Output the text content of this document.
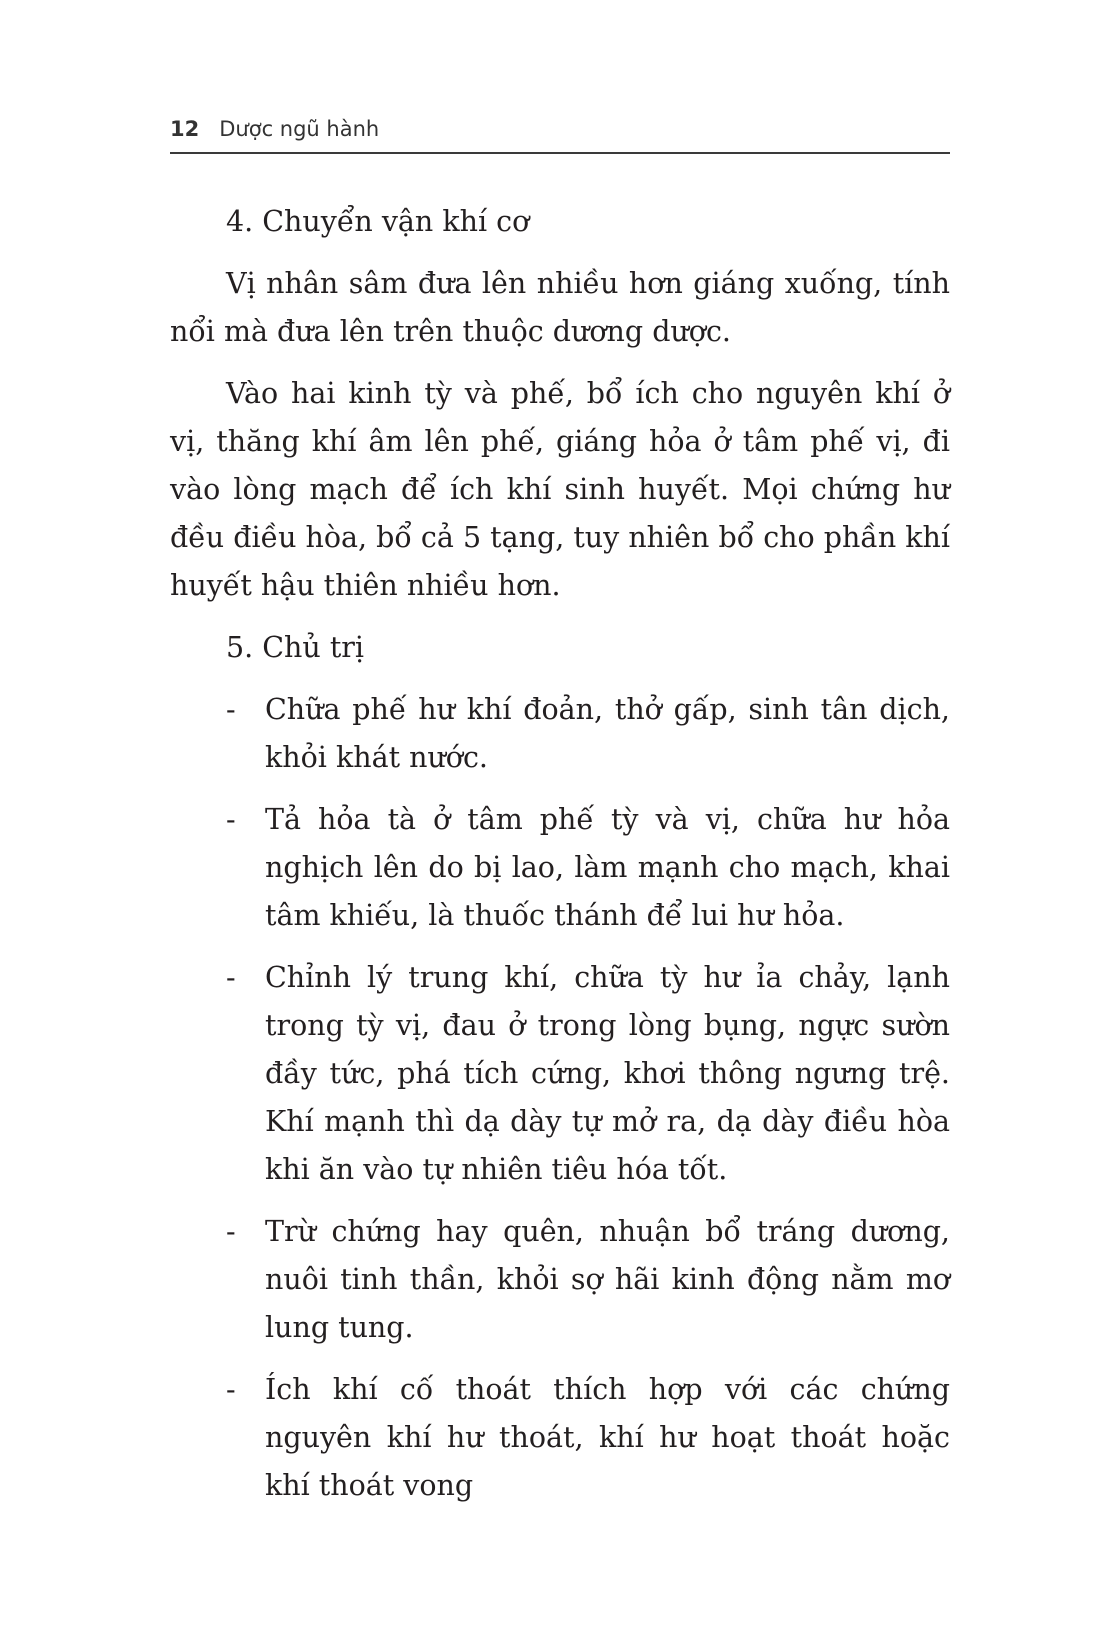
12 Dược ngũ hành

4. Chuyển vận khí cơ

Vị nhân sâm đưa lên nhiều hơn giáng xuống, tính nổi mà đưa lên trên thuộc dương dược.

Vào hai kinh tỳ và phế, bổ ích cho nguyên khí ở vị, thăng khí âm lên phế, giáng hỏa ở tâm phế vị, đi vào lòng mạch để ích khí sinh huyết. Mọi chứng hư đều điều hòa, bổ cả 5 tạng, tuy nhiên bổ cho phần khí huyết hậu thiên nhiều hơn.

5. Chủ trị

- Chữa phế hư khí đoản, thở gấp, sinh tân dịch, khỏi khát nước.
- Tả hỏa tà ở tâm phế tỳ và vị, chữa hư hỏa nghịch lên do bị lao, làm mạnh cho mạch, khai tâm khiếu, là thuốc thánh để lui hư hỏa.
- Chỉnh lý trung khí, chữa tỳ hư ỉa chảy, lạnh trong tỳ vị, đau ở trong lòng bụng, ngực sườn đầy tức, phá tích cứng, khơi thông ngưng trệ. Khí mạnh thì dạ dày tự mở ra, dạ dày điều hòa khi ăn vào tự nhiên tiêu hóa tốt.
- Trừ chứng hay quên, nhuận bổ tráng dương, nuôi tinh thần, khỏi sợ hãi kinh động nằm mơ lung tung.
- Ích khí cố thoát thích hợp với các chứng nguyên khí hư thoát, khí hư hoạt thoát hoặc khí thoát vong
